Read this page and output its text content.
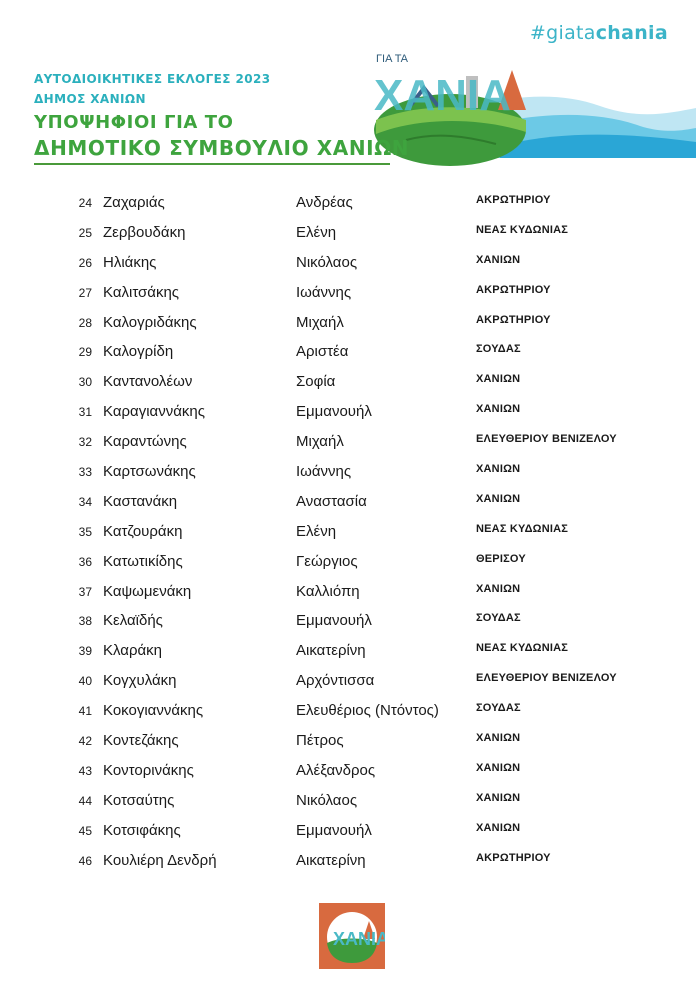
#giatachania
ΓΙΑ ΤΑ
ΧΑΝΙΑ
ΑΥΤΟΔΙΟΙΚΗΤΙΚΕΣ ΕΚΛΟΓΕΣ 2023
ΔΗΜΟΣ ΧΑΝΙΩΝ
ΥΠΟΨΗΦΙΟΙ ΓΙΑ ΤΟ
ΔΗΜΟΤΙΚΟ ΣΥΜΒΟΥΛΙΟ ΧΑΝΙΩΝ
24 Ζαχαριάς	Ανδρέας	ΑΚΡΩΤΗΡΙΟΥ
25 Ζερβουδάκη	Ελένη	ΝΕΑΣ ΚΥΔΩΝΙΑΣ
26 Ηλιάκης	Νικόλαος	ΧΑΝΙΩΝ
27 Καλιτσάκης	Ιωάννης	ΑΚΡΩΤΗΡΙΟΥ
28 Καλογριδάκης	Μιχαήλ	ΑΚΡΩΤΗΡΙΟΥ
29 Καλογρίδη	Αριστέα	ΣΟΥΔΑΣ
30 Καντανολέων	Σοφία	ΧΑΝΙΩΝ
31 Καραγιαννάκης	Εμμανουήλ	ΧΑΝΙΩΝ
32 Καραντώνης	Μιχαήλ	ΕΛΕΥΘΕΡΙΟΥ ΒΕΝΙΖΕΛΟΥ
33 Καρτσωνάκης	Ιωάννης	ΧΑΝΙΩΝ
34 Καστανάκη	Αναστασία	ΧΑΝΙΩΝ
35 Κατζουράκη	Ελένη	ΝΕΑΣ ΚΥΔΩΝΙΑΣ
36 Κατωτικίδης	Γεώργιος	ΘΕΡΙΣΟΥ
37 Καψωμενάκη	Καλλιόπη	ΧΑΝΙΩΝ
38 Κελαϊδής	Εμμανουήλ	ΣΟΥΔΑΣ
39 Κλαράκη	Αικατερίνη	ΝΕΑΣ ΚΥΔΩΝΙΑΣ
40 Κογχυλάκη	Αρχόντισσα	ΕΛΕΥΘΕΡΙΟΥ ΒΕΝΙΖΕΛΟΥ
41 Κοκογιαννάκης	Ελευθέριος (Ντόντος)	ΣΟΥΔΑΣ
42 Κοντεζάκης	Πέτρος	ΧΑΝΙΩΝ
43 Κοντορινάκης	Αλέξανδρος	ΧΑΝΙΩΝ
44 Κοτσαύτης	Νικόλαος	ΧΑΝΙΩΝ
45 Κοτσιφάκης	Εμμανουήλ	ΧΑΝΙΩΝ
46 Κουλιέρη Δενδρή	Αικατερίνη	ΑΚΡΩΤΗΡΙΟΥ
ΧΑΝΙΑ
